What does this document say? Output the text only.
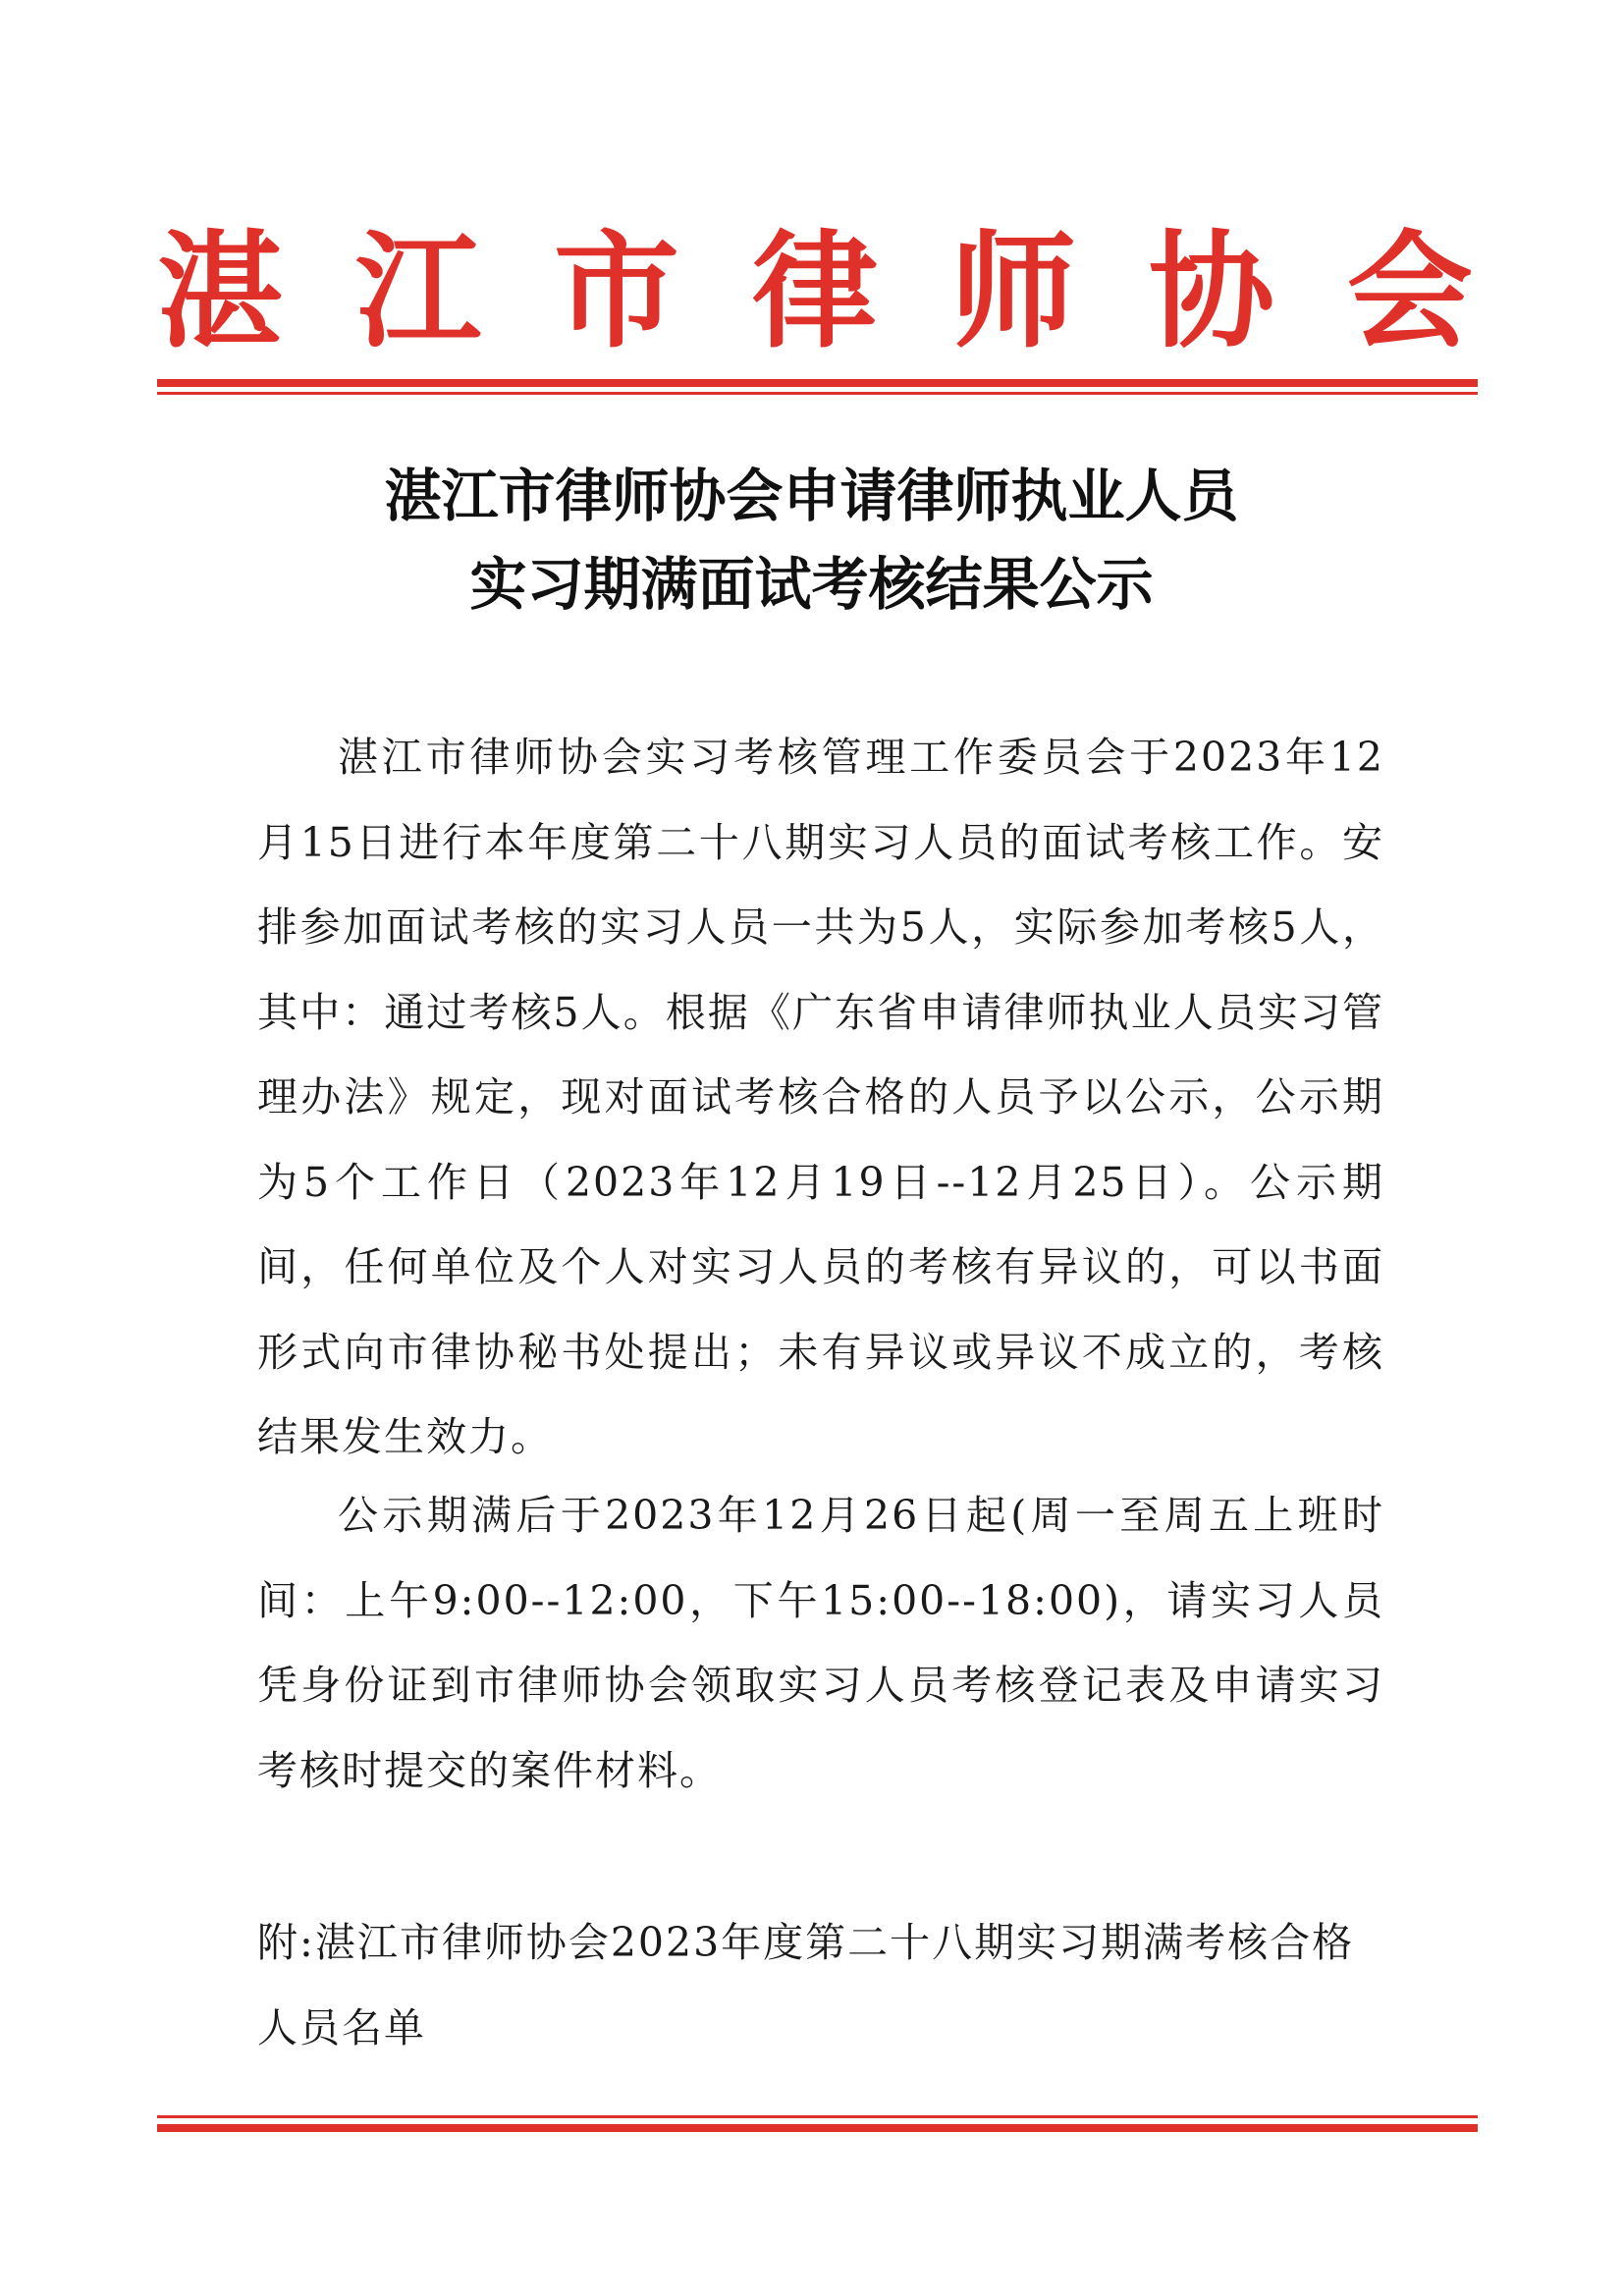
湛 江 市 律 师 协 会
湛江市律师协会申请律师执业人员
实习期满面试考核结果公示

湛江市律师协会实习考核管理工作委员会于2023年12月15日进行本年度第二十八期实习人员的面试考核工作。安排参加面试考核的实习人员一共为5人，实际参加考核5人，其中：通过考核5人。根据《广东省申请律师执业人员实习管理办法》规定，现对面试考核合格的人员予以公示，公示期为5个工作日（2023年12月19日--12月25日）。公示期间，任何单位及个人对实习人员的考核有异议的，可以书面形式向市律协秘书处提出；未有异议或异议不成立的，考核结果发生效力。

公示期满后于2023年12月26日起(周一至周五上班时间：上午9:00--12:00，下午15:00--18:00)，请实习人员凭身份证到市律师协会领取实习人员考核登记表及申请实习考核时提交的案件材料。

附:湛江市律师协会2023年度第二十八期实习期满考核合格人员名单
